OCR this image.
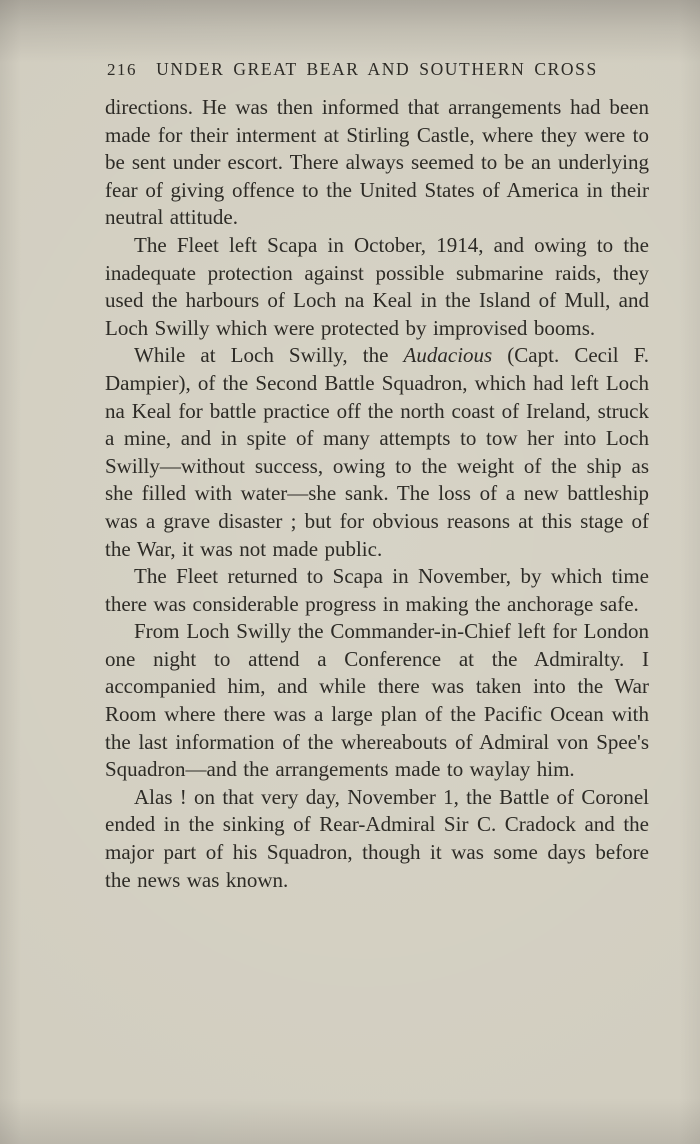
216	UNDER GREAT BEAR AND SOUTHERN CROSS

directions. He was then informed that arrangements had been made for their interment at Stirling Castle, where they were to be sent under escort. There always seemed to be an underlying fear of giving offence to the United States of America in their neutral attitude.

The Fleet left Scapa in October, 1914, and owing to the inadequate protection against possible submarine raids, they used the harbours of Loch na Keal in the Island of Mull, and Loch Swilly which were protected by improvised booms.

While at Loch Swilly, the Audacious (Capt. Cecil F. Dampier), of the Second Battle Squadron, which had left Loch na Keal for battle practice off the north coast of Ireland, struck a mine, and in spite of many attempts to tow her into Loch Swilly—without success, owing to the weight of the ship as she filled with water—she sank. The loss of a new battleship was a grave disaster ; but for obvious reasons at this stage of the War, it was not made public.

The Fleet returned to Scapa in November, by which time there was considerable progress in making the anchorage safe.

From Loch Swilly the Commander-in-Chief left for London one night to attend a Conference at the Admiralty. I accompanied him, and while there was taken into the War Room where there was a large plan of the Pacific Ocean with the last information of the whereabouts of Admiral von Spee's Squadron—and the arrangements made to waylay him.

Alas ! on that very day, November 1, the Battle of Coronel ended in the sinking of Rear-Admiral Sir C. Cradock and the major part of his Squadron, though it was some days before the news was known.
